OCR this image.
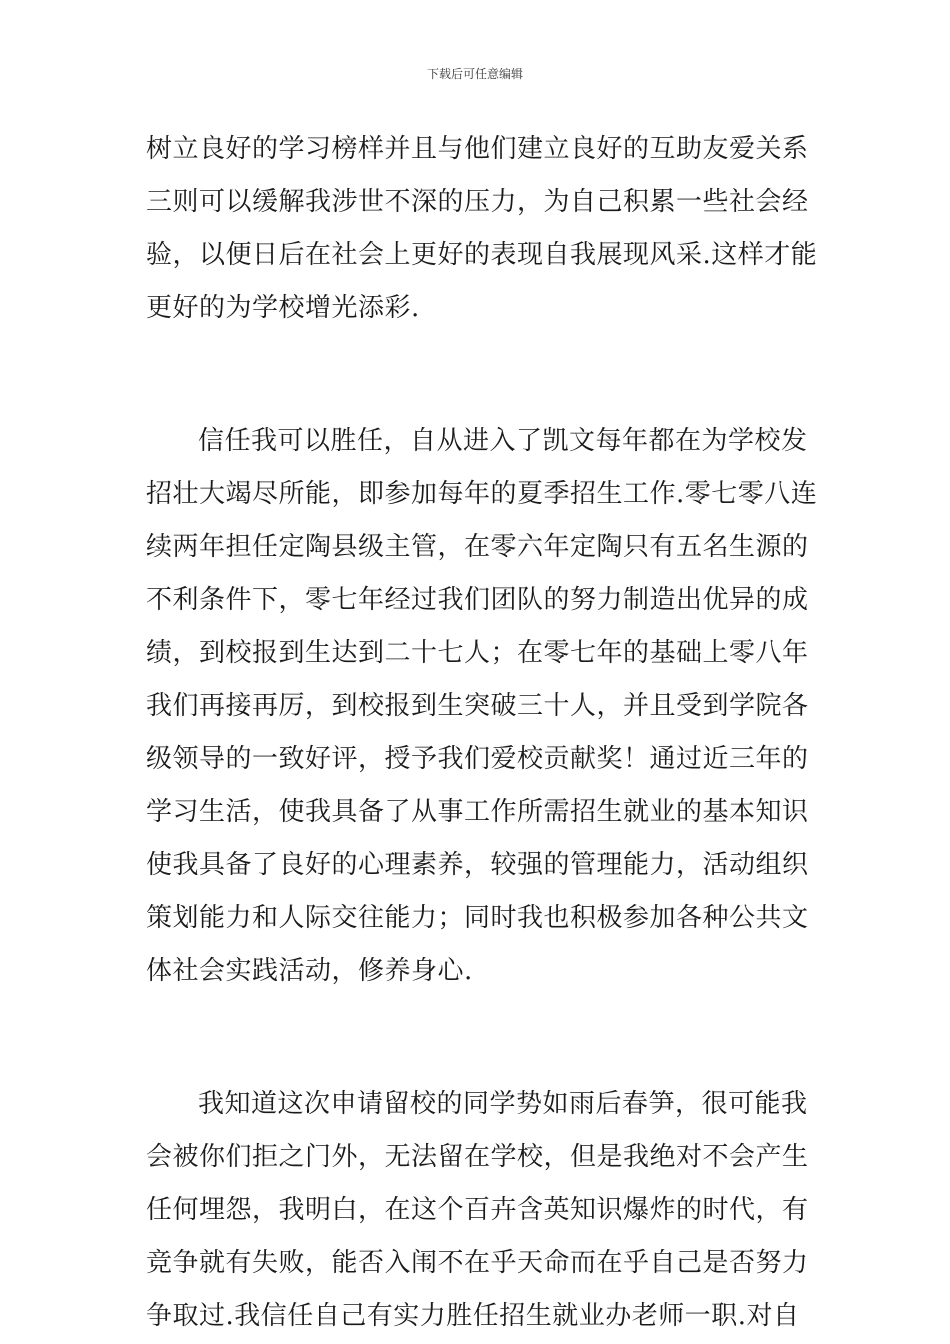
下载后可任意编辑
树立良好的学习榜样并且与他们建立良好的互助友爱关系
三则可以缓解我涉世不深的压力，为自己积累一些社会经
验，以便日后在社会上更好的表现自我展现风采.这样才能
更好的为学校增光添彩.
信任我可以胜任，自从进入了凯文每年都在为学校发
招壮大竭尽所能，即参加每年的夏季招生工作.零七零八连
续两年担任定陶县级主管，在零六年定陶只有五名生源的
不利条件下，零七年经过我们团队的努力制造出优异的成
绩，到校报到生达到二十七人；在零七年的基础上零八年
我们再接再厉，到校报到生突破三十人，并且受到学院各
级领导的一致好评，授予我们爱校贡献奖！通过近三年的
学习生活，使我具备了从事工作所需招生就业的基本知识
使我具备了良好的心理素养，较强的管理能力，活动组织
策划能力和人际交往能力；同时我也积极参加各种公共文
体社会实践活动，修养身心.
我知道这次申请留校的同学势如雨后春笋，很可能我
会被你们拒之门外，无法留在学校，但是我绝对不会产生
任何埋怨，我明白，在这个百卉含英知识爆炸的时代，有
竞争就有失败，能否入闱不在乎天命而在乎自己是否努力
争取过.我信任自己有实力胜任招生就业办老师一职.对自
